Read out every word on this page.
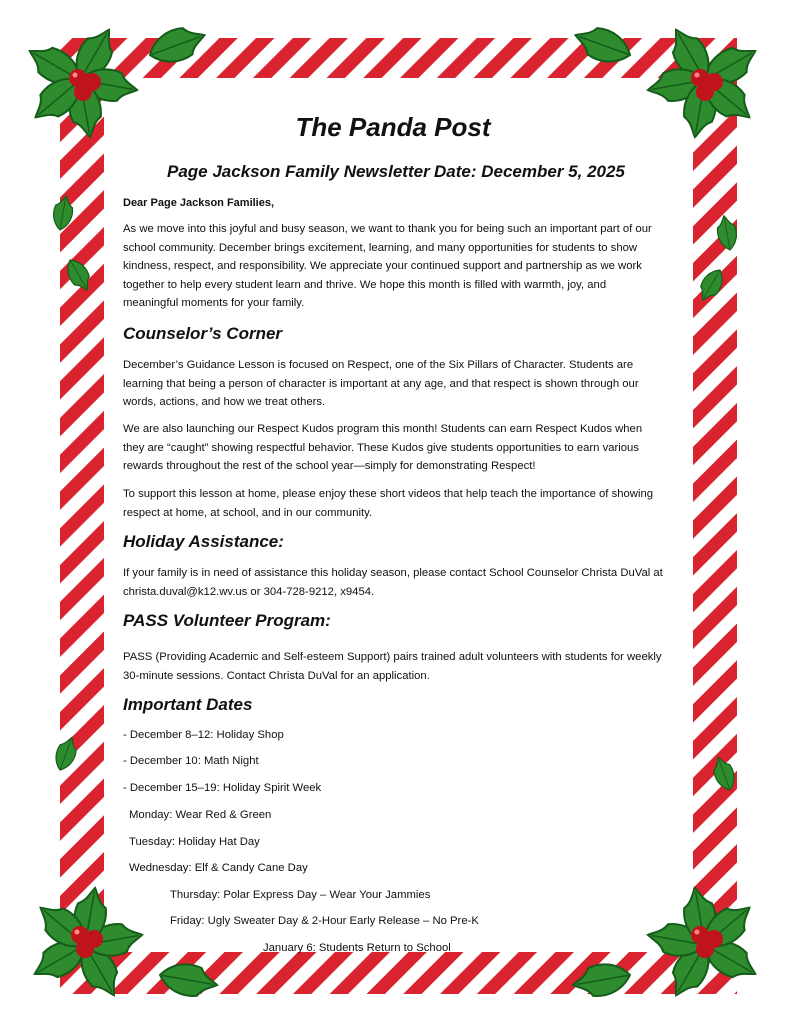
The Panda Post
Page Jackson Family Newsletter Date: December 5, 2025
Dear Page Jackson Families,
As we move into this joyful and busy season, we want to thank you for being such an important part of our school community. December brings excitement, learning, and many opportunities for students to show kindness, respect, and responsibility. We appreciate your continued support and partnership as we work together to help every student learn and thrive. We hope this month is filled with warmth, joy, and meaningful moments for your family.
Counselor’s Corner
December’s Guidance Lesson is focused on Respect, one of the Six Pillars of Character. Students are learning that being a person of character is important at any age, and that respect is shown through our words, actions, and how we treat others.
We are also launching our Respect Kudos program this month! Students can earn Respect Kudos when they are “caught” showing respectful behavior. These Kudos give students opportunities to earn various rewards throughout the rest of the school year—simply for demonstrating Respect!
To support this lesson at home, please enjoy these short videos that help teach the importance of showing respect at home, at school, and in our community.
Holiday Assistance:
If your family is in need of assistance this holiday season, please contact School Counselor Christa DuVal at christa.duval@k12.wv.us or 304-728-9212, x9454.
PASS Volunteer Program:
PASS (Providing Academic and Self-esteem Support) pairs trained adult volunteers with students for weekly 30-minute sessions. Contact Christa DuVal for an application.
Important Dates
- December 8–12: Holiday Shop
- December 10: Math Night
- December 15–19: Holiday Spirit Week
Monday: Wear Red & Green
Tuesday: Holiday Hat Day
Wednesday: Elf & Candy Cane Day
Thursday: Polar Express Day – Wear Your Jammies
Friday: Ugly Sweater Day & 2-Hour Early Release – No Pre-K
January 6: Students Return to School
